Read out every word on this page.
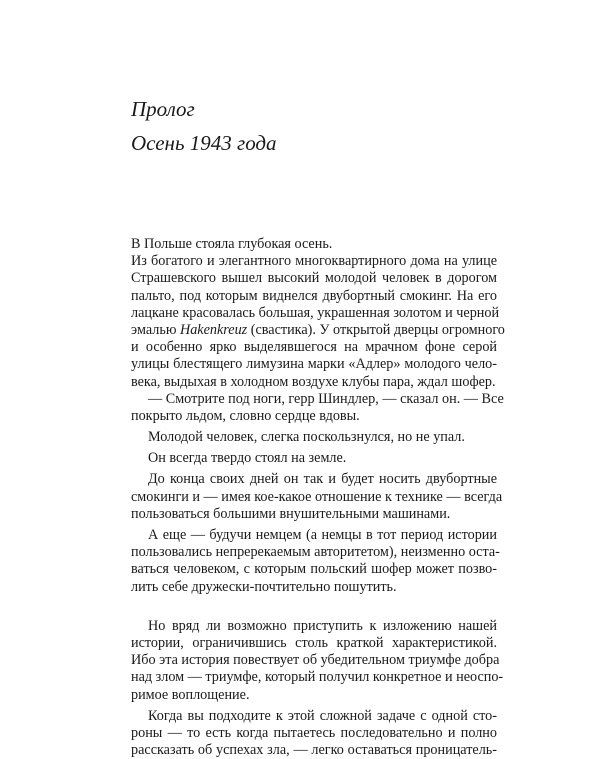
Пролог
Осень 1943 года
В Польше стояла глубокая осень.
Из богатого и элегантного многоквартирного дома на улице
Страшевского вышел высокий молодой человек в дорогом
пальто, под которым виднелся двубортный смокинг. На его
лацкане красовалась большая, украшенная золотом и черной
эмалью Hakenkreuz (свастика). У открытой дверцы огромного
и особенно ярко выделявшегося на мрачном фоне серой
улицы блестящего лимузина марки «Адлер» молодого чело-
века, выдыхая в холодном воздухе клубы пара, ждал шофер.
— Смотрите под ноги, герр Шиндлер, — сказал он. — Все
покрыто льдом, словно сердце вдовы.
Молодой человек, слегка поскользнулся, но не упал.
Он всегда твердо стоял на земле.
До конца своих дней он так и будет носить двубортные
смокинги и — имея кое-какое отношение к технике — всегда
пользоваться большими внушительными машинами.
А еще — будучи немцем (а немцы в тот период истории
пользовались непререкаемым авторитетом), неизменно оста-
ваться человеком, с которым польский шофер может позво-
лить себе дружески-почтительно пошутить.
Но вряд ли возможно приступить к изложению нашей
истории, ограничившись столь краткой характеристикой.
Ибо эта история повествует об убедительном триумфе добра
над злом — триумфе, который получил конкретное и неоспо-
римое воплощение.
Когда вы подходите к этой сложной задаче с одной сто-
роны — то есть когда пытаетесь последовательно и полно
рассказать об успехах зла, — легко оставаться проницатель-
